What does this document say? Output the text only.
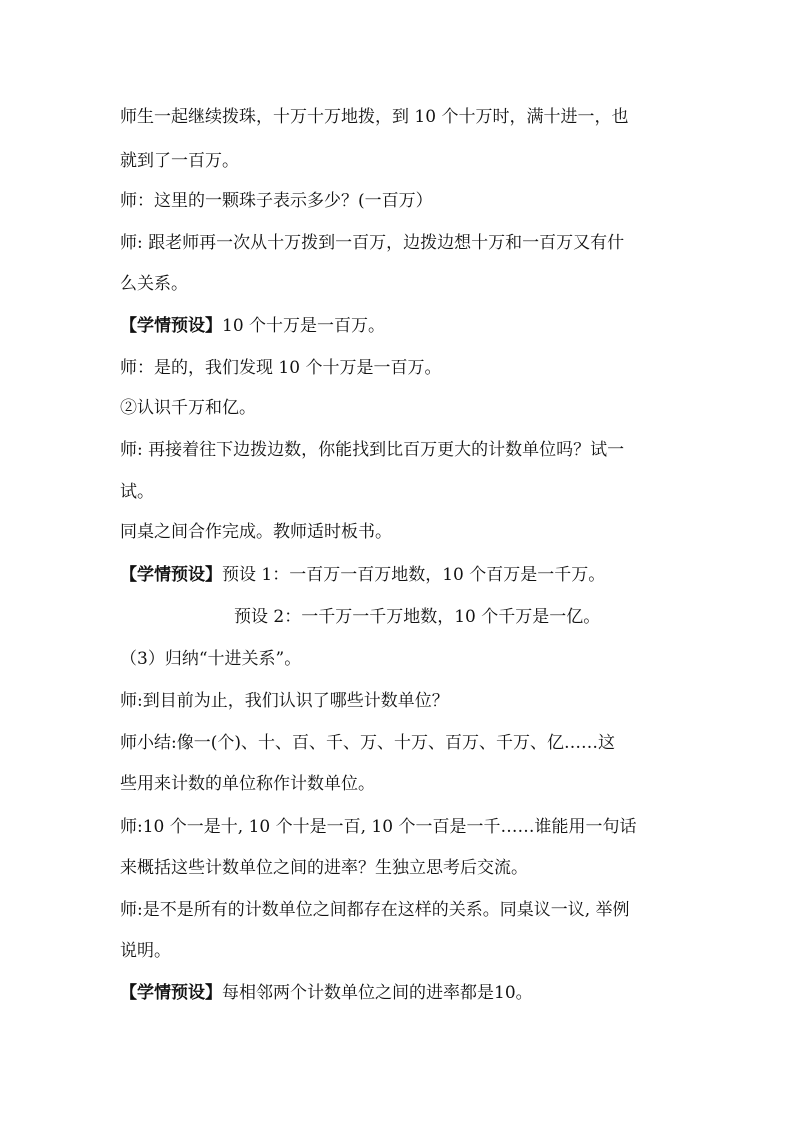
师生一起继续拨珠，十万十万地拨，到 10 个十万时，满十进一，也
就到了一百万。
师：这里的一颗珠子表示多少？(一百万）
师: 跟老师再一次从十万拨到一百万，边拨边想十万和一百万又有什
么关系。
【学情预设】10 个十万是一百万。
师：是的，我们发现 10 个十万是一百万。
②认识千万和亿。
师: 再接着往下边拨边数，你能找到比百万更大的计数单位吗？试一
试。
同桌之间合作完成。教师适时板书。
【学情预设】预设 1：一百万一百万地数，10 个百万是一千万。
预设 2：一千万一千万地数，10 个千万是一亿。
（3）归纳“十进关系”。
师:到目前为止，我们认识了哪些计数单位？
师小结:像一(个)、十、百、千、万、十万、百万、千万、亿……这
些用来计数的单位称作计数单位。
师:10 个一是十, 10 个十是一百, 10 个一百是一千……谁能用一句话
来概括这些计数单位之间的进率？生独立思考后交流。
师:是不是所有的计数单位之间都存在这样的关系。同桌议一议, 举例
说明。
【学情预设】每相邻两个计数单位之间的进率都是10。
